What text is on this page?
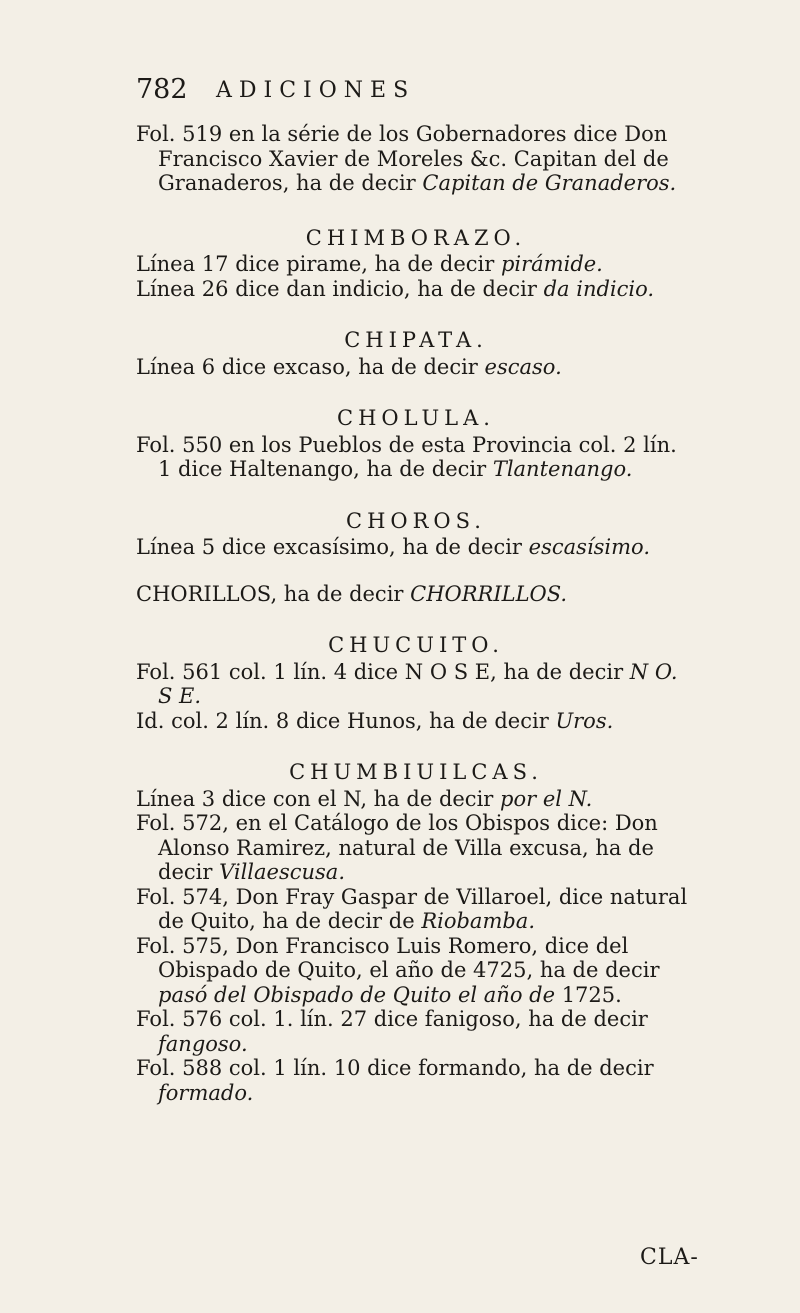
782 ADICIONES

Fol. 519 en la série de los Gobernadores dice Don Francisco Xavier de Moreles &c. Capitan del de Granaderos, ha de decir Capitan de Granaderos.

CHIMBORAZO.

Línea 17 dice pirame, ha de decir pirámide.

Línea 26 dice dan indicio, ha de decir da indicio.

CHIPATA.

Línea 6 dice excaso, ha de decir escaso.

CHOLULA.

Fol. 550 en los Pueblos de esta Provincia col. 2 lín. 1 dice Haltenango, ha de decir Tlantenango.

CHOROS.

Línea 5 dice excasísimo, ha de decir escasísimo.

CHORILLOS, ha de decir CHORRILLOS.

CHUCUITO.

Fol. 561 col. 1 lín. 4 dice N O S E, ha de decir N O. S E.

Id. col. 2 lín. 8 dice Hunos, ha de decir Uros.

CHUMBIUILCAS.

Línea 3 dice con el N, ha de decir por el N.

Fol. 572, en el Catálogo de los Obispos dice: Don Alonso Ramirez, natural de Villa excusa, ha de decir Villaescusa.

Fol. 574, Don Fray Gaspar de Villaroel, dice natural de Quito, ha de decir de Riobamba.

Fol. 575, Don Francisco Luis Romero, dice del Obispado de Quito, el año de 4725, ha de decir pasó del Obispado de Quito el año de 1725.

Fol. 576 col. 1. lín. 27 dice fanigoso, ha de decir fangoso.

Fol. 588 col. 1 lín. 10 dice formando, ha de decir formado.

CLA-
